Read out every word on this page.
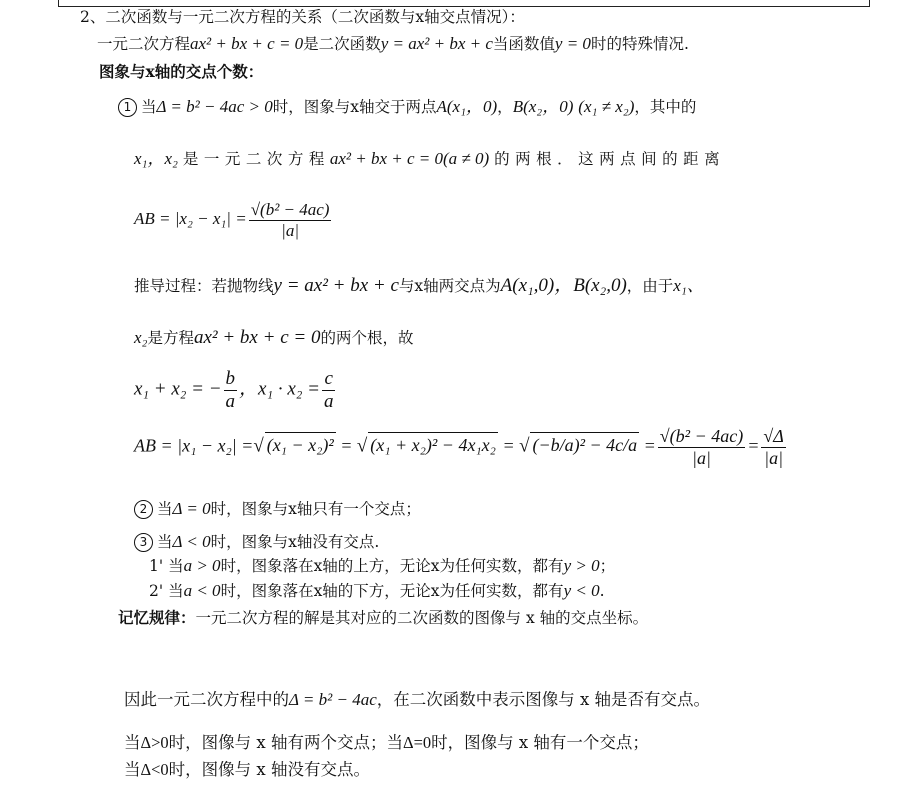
2、二次函数与一元二次方程的关系（二次函数与x轴交点情况）：
一元二次方程ax² + bx + c = 0是二次函数y = ax² + bx + c当函数值y = 0时的特殊情况.
图象与x轴的交点个数：
1 当Δ = b² − 4ac > 0时，图象与x轴交于两点A(x₁，0)，B(x₂，0) (x₁ ≠ x₂)，其中的
x₁，x₂ 是一元二次方程ax² + bx + c = 0(a ≠ 0) 的两根．这两点间的距离
AB = $|x_2 - x_1| = \frac{\text{√(b² − 4ac)}}{|a|}$
推导过程：若抛物线y = ax² + bx + c与x轴两交点为A(x₁,0)，B(x₂,0)，由于x₁、
x₂是方程ax² + bx + c = 0的两个根，故
x₁ + x₂ = − $\frac{b}{a}$ ，$x_1 \cdot x_2 = \frac{c}{a}$
AB = |x₁ − x₂| =√ (x₁ − x₂)² = √ (x₁ + x₂)² − 4x₁x₂ = √ $(-b/a)^2 - 4c/a = \frac{\text{√(b² − 4ac)}}{|a|} = \frac{√\Delta}{|a|}$
2 当Δ = 0时，图象与x轴只有一个交点；
3 当Δ < 0时，图象与x轴没有交点.
1' 当a > 0时，图象落在x轴的上方，无论x为任何实数，都有y > 0；
2' 当a < 0时，图象落在x轴的下方，无论x为任何实数，都有y < 0.
记忆规律：一元二次方程的解是其对应的二次函数的图像与 x 轴的交点坐标。
因此一元二次方程中的Δ = b² − 4ac，在二次函数中表示图像与 x 轴是否有交点。
当Δ>0时，图像与 x 轴有两个交点；当Δ=0时，图像与 x 轴有一个交点；
当Δ<0时，图像与 x 轴没有交点。
